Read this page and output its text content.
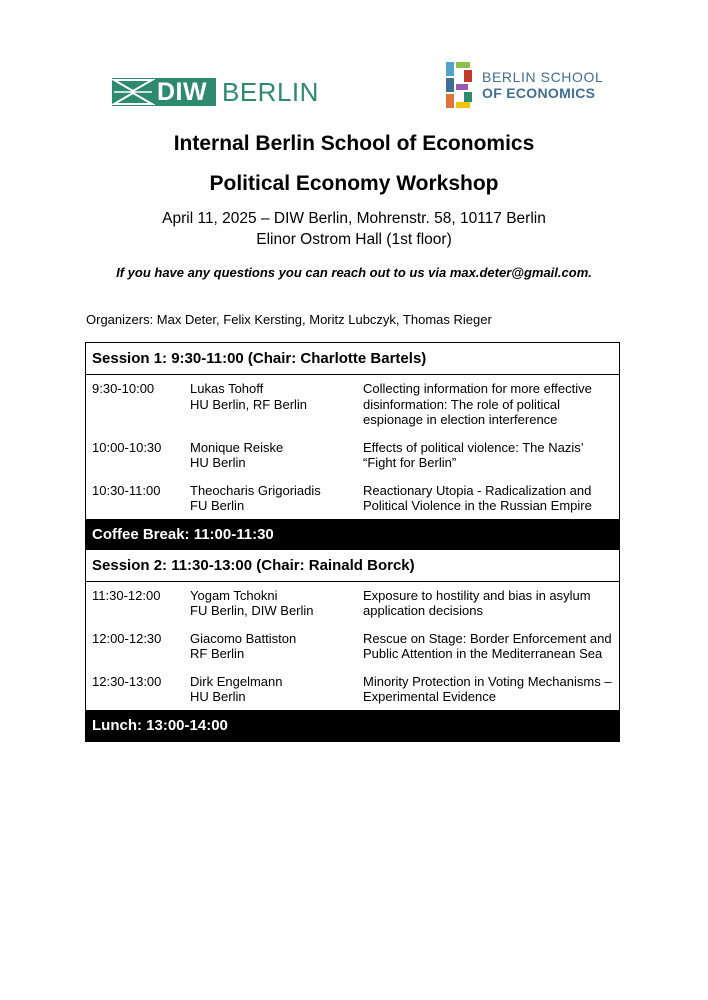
DIW BERLIN	BERLIN SCHOOL
OF ECONOMICS
Internal Berlin School of Economics
Political Economy Workshop
April 11, 2025 – DIW Berlin, Mohrenstr. 58, 10117 Berlin
Elinor Ostrom Hall (1st floor)
If you have any questions you can reach out to us via max.deter@gmail.com.
Organizers: Max Deter, Felix Kersting, Moritz Lubczyk, Thomas Rieger
Session 1: 9:30-11:00 (Chair: Charlotte Bartels)
9:30-10:00	Lukas Tohoff
HU Berlin, RF Berlin
Collecting information for more effective disinformation: The role of political espionage in election interference
10:00-10:30	Monique Reiske
HU Berlin
Effects of political violence: The Nazis’ “Fight for Berlin”
10:30-11:00	Theocharis Grigoriadis
FU Berlin
Reactionary Utopia - Radicalization and Political Violence in the Russian Empire
Coffee Break: 11:00-11:30
Session 2: 11:30-13:00 (Chair: Rainald Borck)
11:30-12:00	Yogam Tchokni
FU Berlin, DIW Berlin
Exposure to hostility and bias in asylum application decisions
12:00-12:30	Giacomo Battiston
RF Berlin
Rescue on Stage: Border Enforcement and Public Attention in the Mediterranean Sea
12:30-13:00	Dirk Engelmann
HU Berlin
Minority Protection in Voting Mechanisms – Experimental Evidence
Lunch: 13:00-14:00
